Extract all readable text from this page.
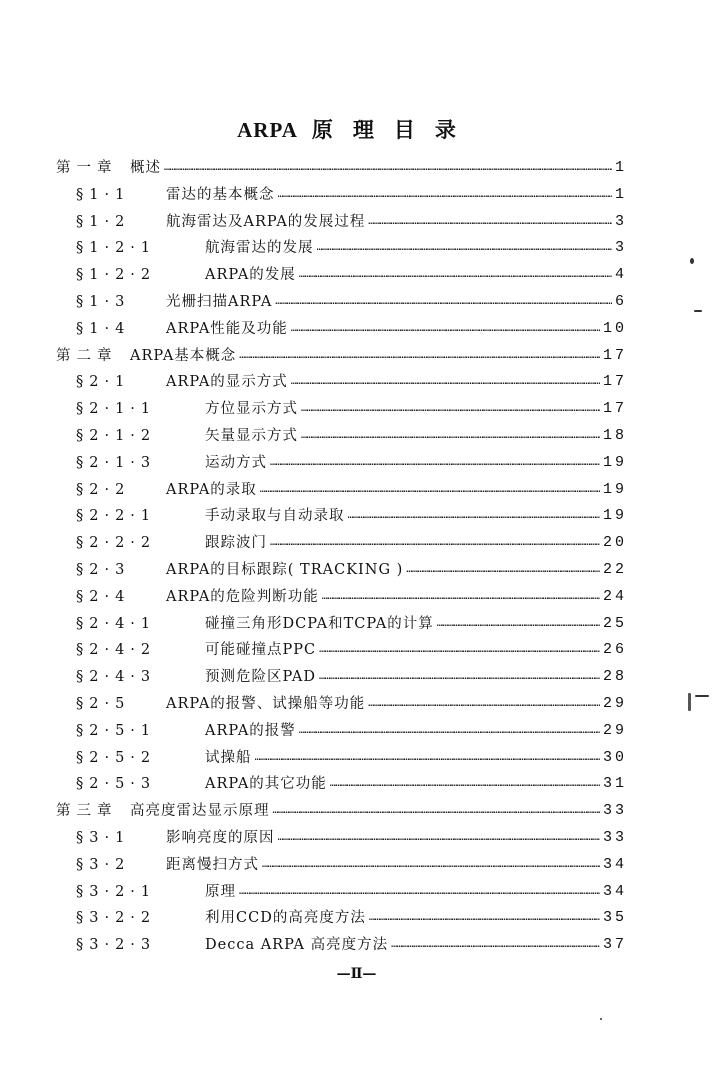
ARPA 原理目录
第一章 概述 …………………………………………………………………………………………………………………………………………………………………………………………………………………………………………	1
§1·1	雷达的基本概念 …………………………………………………………………………………………………………………………………………………………………………………………………………………………………………	1
§1·2	航海雷达及ARPA的发展过程 …………………………………………………………………………………………………………………………………………………………………………………………………………………………………………	3
§1·2·1	航海雷达的发展 …………………………………………………………………………………………………………………………………………………………………………………………………………………………………………	3
§1·2·2	ARPA的发展 …………………………………………………………………………………………………………………………………………………………………………………………………………………………………………	4
§1·3	光栅扫描ARPA …………………………………………………………………………………………………………………………………………………………………………………………………………………………………………	6
§1·4	ARPA性能及功能 …………………………………………………………………………………………………………………………………………………………………………………………………………………………………………	10
第二章 ARPA基本概念 …………………………………………………………………………………………………………………………………………………………………………………………………………………………………………	17
§2·1	ARPA的显示方式 …………………………………………………………………………………………………………………………………………………………………………………………………………………………………………	17
§2·1·1	方位显示方式 …………………………………………………………………………………………………………………………………………………………………………………………………………………………………………	17
§2·1·2	矢量显示方式 …………………………………………………………………………………………………………………………………………………………………………………………………………………………………………	18
§2·1·3	运动方式 …………………………………………………………………………………………………………………………………………………………………………………………………………………………………………	19
§2·2	ARPA的录取 …………………………………………………………………………………………………………………………………………………………………………………………………………………………………………	19
§2·2·1	手动录取与自动录取 …………………………………………………………………………………………………………………………………………………………………………………………………………………………………………	19
§2·2·2	跟踪波门 …………………………………………………………………………………………………………………………………………………………………………………………………………………………………………	20
§2·3	ARPA的目标跟踪( TRACKING ) …………………………………………………………………………………………………………………………………………………………………………………………………………………………………………	22
§2·4	ARPA的危险判断功能 …………………………………………………………………………………………………………………………………………………………………………………………………………………………………………	24
§2·4·1	碰撞三角形DCPA和TCPA的计算 …………………………………………………………………………………………………………………………………………………………………………………………………………………………………………	25
§2·4·2	可能碰撞点PPC …………………………………………………………………………………………………………………………………………………………………………………………………………………………………………	26
§2·4·3	预测危险区PAD …………………………………………………………………………………………………………………………………………………………………………………………………………………………………………	28
§2·5	ARPA的报警、试操船等功能 …………………………………………………………………………………………………………………………………………………………………………………………………………………………………………	29
§2·5·1	ARPA的报警 …………………………………………………………………………………………………………………………………………………………………………………………………………………………………………	29
§2·5·2	试操船 …………………………………………………………………………………………………………………………………………………………………………………………………………………………………………	30
§2·5·3	ARPA的其它功能 …………………………………………………………………………………………………………………………………………………………………………………………………………………………………………	31
第三章 高亮度雷达显示原理 …………………………………………………………………………………………………………………………………………………………………………………………………………………………………………	33
§3·1	影响亮度的原因 …………………………………………………………………………………………………………………………………………………………………………………………………………………………………………	33
§3·2	距离慢扫方式 …………………………………………………………………………………………………………………………………………………………………………………………………………………………………………	34
§3·2·1	原理 …………………………………………………………………………………………………………………………………………………………………………………………………………………………………………	34
§3·2·2	利用CCD的高亮度方法 …………………………………………………………………………………………………………………………………………………………………………………………………………………………………………	35
§3·2·3	Decca ARPA 高亮度方法 …………………………………………………………………………………………………………………………………………………………………………………………………………………………………………	37
—Ⅱ—
